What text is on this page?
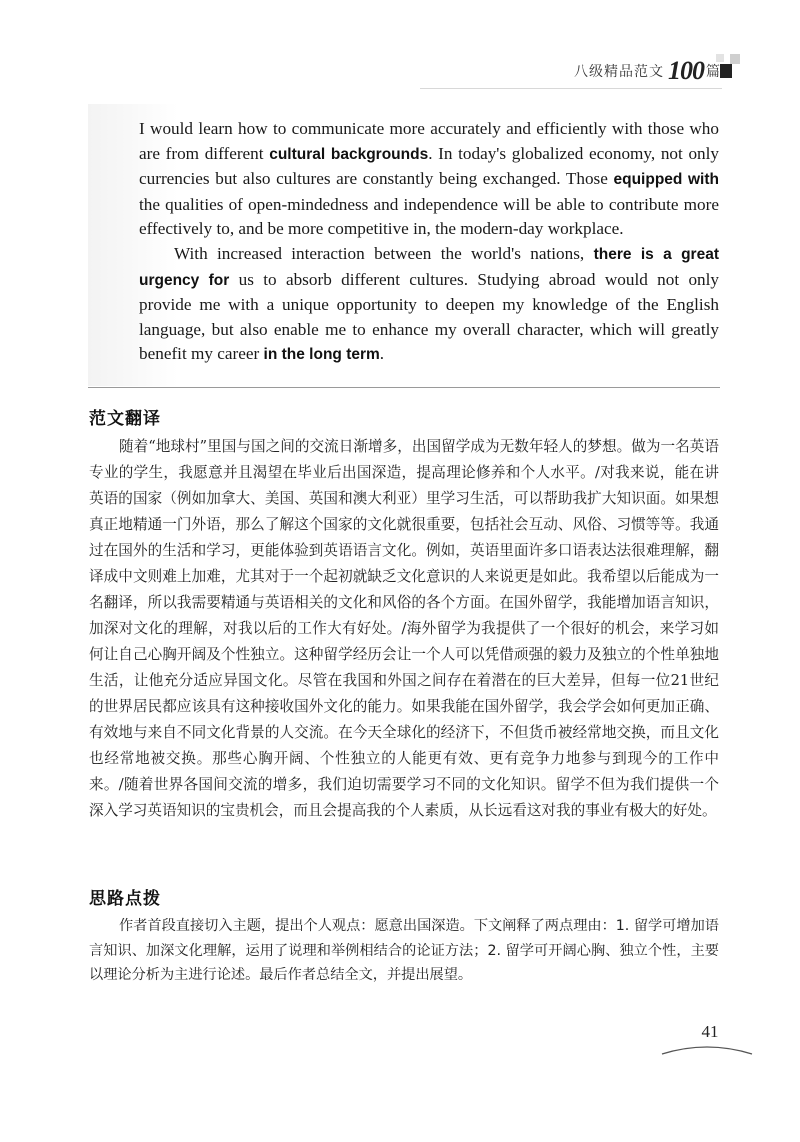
八级精品范文 100 篇

I would learn how to communicate more accurately and efficiently with those who are from different cultural backgrounds. In today's globalized economy, not only currencies but also cultures are constantly being exchanged. Those equipped with the qualities of open-mindedness and independence will be able to contribute more effectively to, and be more competitive in, the modern-day workplace.

With increased interaction between the world's nations, there is a great urgency for us to absorb different cultures. Studying abroad would not only provide me with a unique opportunity to deepen my knowledge of the English language, but also enable me to enhance my overall character, which will greatly benefit my career in the long term.

范文翻译

随着“地球村”里国与国之间的交流日渐增多，出国留学成为无数年轻人的梦想。做为一名英语专业的学生，我愿意并且渴望在毕业后出国深造，提高理论修养和个人水平。/对我来说，能在讲英语的国家（例如加拿大、美国、英国和澳大利亚）里学习生活，可以帮助我扩大知识面。如果想真正地精通一门外语，那么了解这个国家的文化就很重要，包括社会互动、风俗、习惯等等。我通过在国外的生活和学习，更能体验到英语语言文化。例如，英语里面许多口语表达法很难理解，翻译成中文则难上加难，尤其对于一个起初就缺乏文化意识的人来说更是如此。我希望以后能成为一名翻译，所以我需要精通与英语相关的文化和风俗的各个方面。在国外留学，我能增加语言知识，加深对文化的理解，对我以后的工作大有好处。/海外留学为我提供了一个很好的机会，来学习如何让自己心胸开阔及个性独立。这种留学经历会让一个人可以凭借顽强的毅力及独立的个性单独地生活，让他充分适应异国文化。尽管在我国和外国之间存在着潜在的巨大差异，但每一位21世纪的世界居民都应该具有这种接收国外文化的能力。如果我能在国外留学，我会学会如何更加正确、有效地与来自不同文化背景的人交流。在今天全球化的经济下，不但货币被经常地交换，而且文化也经常地被交换。那些心胸开阔、个性独立的人能更有效、更有竞争力地参与到现今的工作中来。/随着世界各国间交流的增多，我们迫切需要学习不同的文化知识。留学不但为我们提供一个深入学习英语知识的宝贵机会，而且会提高我的个人素质，从长远看这对我的事业有极大的好处。

思路点拨

作者首段直接切入主题，提出个人观点：愿意出国深造。下文阐释了两点理由：1. 留学可增加语言知识、加深文化理解，运用了说理和举例相结合的论证方法；2. 留学可开阔心胸、独立个性，主要以理论分析为主进行论述。最后作者总结全文，并提出展望。

41
